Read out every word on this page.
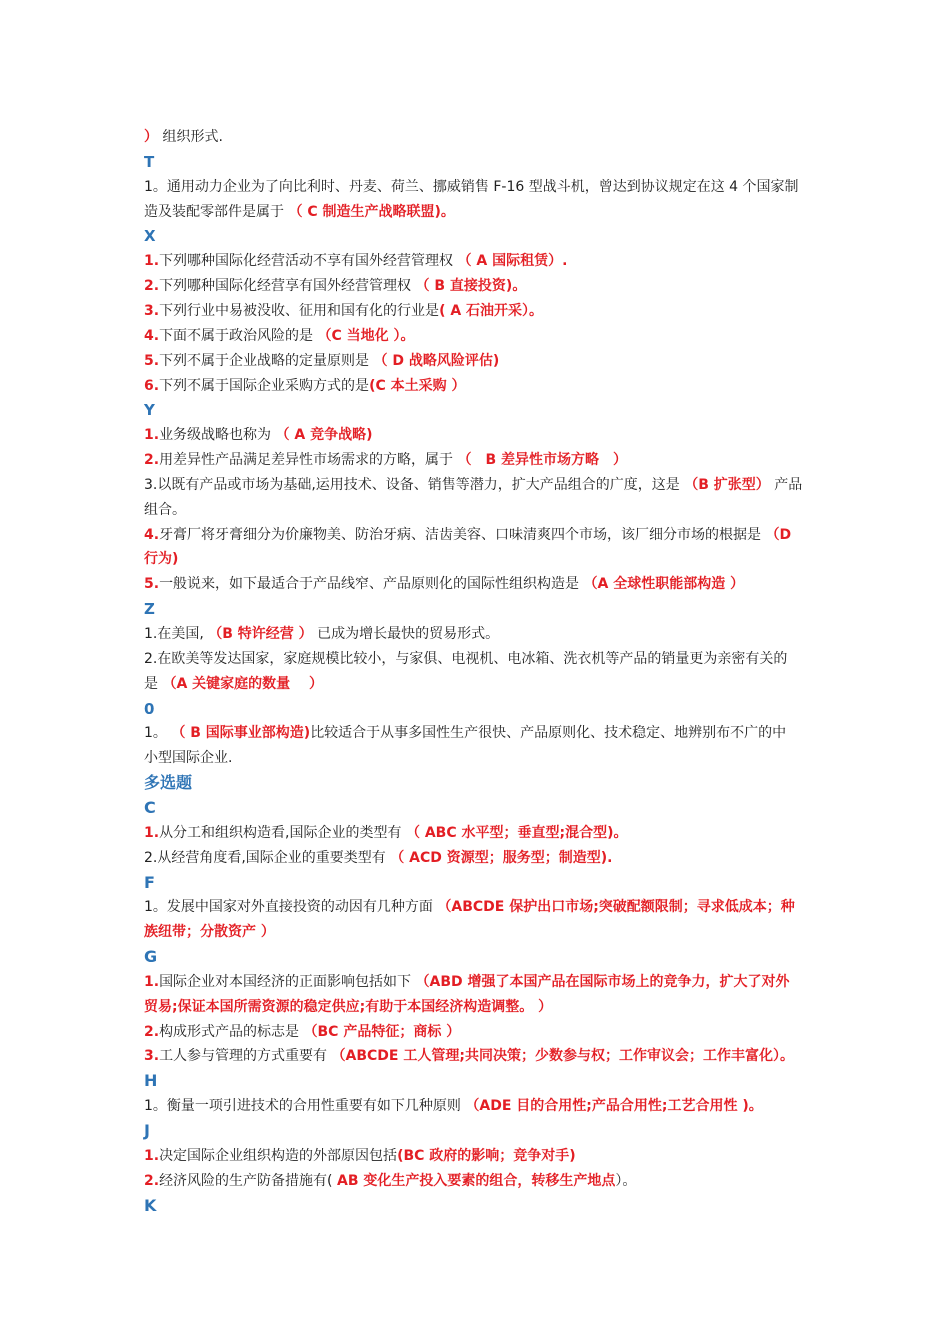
） 组织形式.
T
1。通用动力企业为了向比利时、丹麦、荷兰、挪威销售 F-16 型战斗机，曾达到协议规定在这 4 个国家制
造及装配零部件是属于 （ C 制造生产战略联盟)。
X
1.下列哪种国际化经营活动不享有国外经营管理权 （ A 国际租赁）.
2.下列哪种国际化经营享有国外经营管理权 （ B 直接投资)。
3.下列行业中易被没收、征用和国有化的行业是( A 石油开采）。
4.下面不属于政治风险的是 （C 当地化 ）。
5.下列不属于企业战略的定量原则是 （ D 战略风险评估)
6.下列不属于国际企业采购方式的是(C 本土采购 ）
Y
1.业务级战略也称为 （ A 竞争战略)
2.用差异性产品满足差异性市场需求的方略，属于 （　B 差异性市场方略　）
3.以既有产品或市场为基础,运用技术、设备、销售等潜力，扩大产品组合的广度，这是 （B 扩张型） 产品
组合。
4.牙膏厂将牙膏细分为价廉物美、防治牙病、洁齿美容、口味清爽四个市场，该厂细分市场的根据是 （D
行为)
5.一般说来，如下最适合于产品线窄、产品原则化的国际性组织构造是 （A 全球性职能部构造 ）
Z
1.在美国, （B 特许经营 ） 已成为增长最快的贸易形式。
2.在欧美等发达国家，家庭规模比较小，与家俱、电视机、电冰箱、洗衣机等产品的销量更为亲密有关的
是 （A 关键家庭的数量　 ）
0
1。 （ B 国际事业部构造)比较适合于从事多国性生产很快、产品原则化、技术稳定、地辨别布不广的中
小型国际企业.
多选题
C
1.从分工和组织构造看,国际企业的类型有 （ ABC 水平型；垂直型;混合型)。
2.从经营角度看,国际企业的重要类型有 （ ACD 资源型；服务型；制造型).
F
1。发展中国家对外直接投资的动因有几种方面 （ABCDE 保护出口市场;突破配额限制；寻求低成本；种
族纽带；分散资产 ）
G
1.国际企业对本国经济的正面影响包括如下 （ABD 增强了本国产品在国际市场上的竞争力，扩大了对外
贸易;保证本国所需资源的稳定供应;有助于本国经济构造调整。 ）
2.构成形式产品的标志是 （BC 产品特征；商标 ）
3.工人参与管理的方式重要有 （ABCDE 工人管理;共同决策；少数参与权；工作审议会；工作丰富化）。
H
1。衡量一项引进技术的合用性重要有如下几种原则 （ADE 目的合用性;产品合用性;工艺合用性 )。
J
1.决定国际企业组织构造的外部原因包括(BC 政府的影响；竞争对手)
2.经济风险的生产防备措施有( AB 变化生产投入要素的组合，转移生产地点）。
K
